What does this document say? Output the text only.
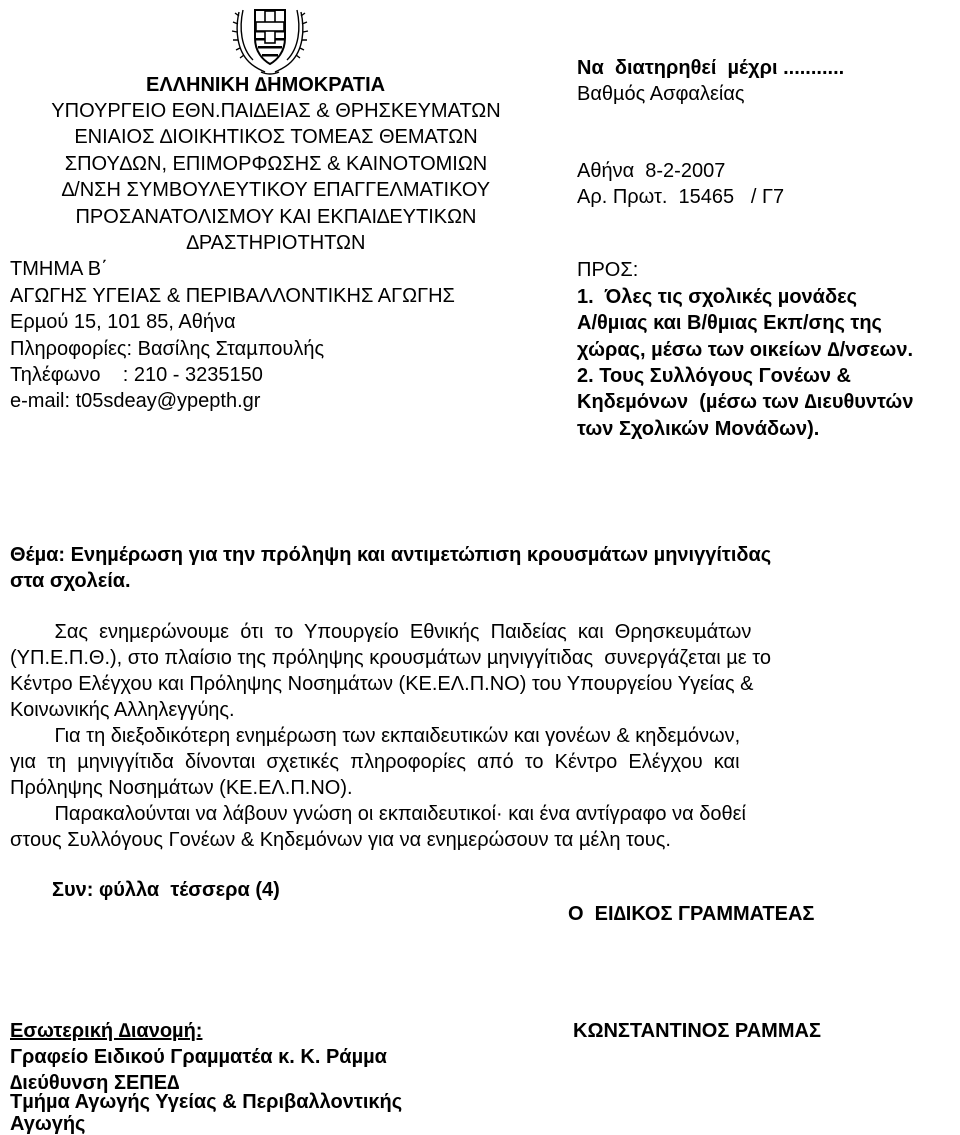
ΕΛΛΗΝΙΚΗ ∆ΗΜΟΚΡΑΤΙΑ
ΥΠΟΥΡΓΕΙΟ ΕΘΝ.ΠΑΙ∆ΕΙΑΣ & ΘΡΗΣΚΕΥΜΑΤΩΝ
ΕΝΙΑΙΟΣ ∆ΙΟΙΚΗΤΙΚΟΣ ΤΟΜΕΑΣ ΘΕΜΑΤΩΝ
ΣΠΟΥ∆ΩΝ, ΕΠΙΜΟΡΦΩΣΗΣ & ΚΑΙΝΟΤΟΜΙΩΝ
∆/ΝΣΗ ΣΥΜΒΟΥΛΕΥΤΙΚΟΥ ΕΠΑΓΓΕΛΜΑΤΙΚΟΥ
ΠΡΟΣΑΝΑΤΟΛΙΣΜΟΥ ΚΑΙ ΕΚΠΑΙ∆ΕΥΤΙΚΩΝ
∆ΡΑΣΤΗΡΙΟΤΗΤΩΝ
ΤΜΗΜΑ Β΄
ΑΓΩΓΗΣ ΥΓΕΙΑΣ & ΠΕΡΙΒΑΛΛΟΝΤΙΚΗΣ ΑΓΩΓΗΣ
Ερµού 15, 101 85, Αθήνα
Πληροφορίες: Βασίλης Σταµπουλής
Τηλέφωνο    : 210 - 3235150
e-mail: t05sdeay@ypepth.gr
Να  διατηρηθεί  µέχρι ...........
Βαθµός Ασφαλείας
Αθήνα  8-2-2007
Αρ. Πρωτ.  15465   / Γ7
ΠΡΟΣ:
1.  Όλες τις σχολικές µονάδες
Α/θµιας και Β/θµιας Εκπ/σης της
χώρας, µέσω των οικείων ∆/νσεων.
2. Τους Συλλόγους Γονέων &
Κηδεµόνων  (µέσω των ∆ιευθυντών
των Σχολικών Μονάδων).
Θέµα: Ενηµέρωση για την πρόληψη και αντιµετώπιση κρουσµάτων µηνιγγίτιδας
στα σχολεία.
Σας  ενηµερώνουµε  ότι  το  Υπουργείο  Εθνικής  Παιδείας  και  Θρησκευµάτων
(ΥΠ.Ε.Π.Θ.), στο πλαίσιο της πρόληψης κρουσµάτων µηνιγγίτιδας  συνεργάζεται µε το
Κέντρο Ελέγχου και Πρόληψης Νοσηµάτων (ΚΕ.ΕΛ.Π.ΝΟ) του Υπουργείου Υγείας &
Κοινωνικής Αλληλεγγύης.
Για τη διεξοδικότερη ενηµέρωση των εκπαιδευτικών και γονέων & κηδεµόνων,
για  τη  µηνιγγίτιδα  δίνονται  σχετικές  πληροφορίες  από  το  Κέντρο  Ελέγχου  και
Πρόληψης Νοσηµάτων (ΚΕ.ΕΛ.Π.ΝΟ).
Παρακαλούνται να λάβουν γνώση οι εκπαιδευτικοί· και ένα αντίγραφο να δοθεί
στους Συλλόγους Γονέων & Κηδεµόνων για να ενηµερώσουν τα µέλη τους.
Συν: φύλλα  τέσσερα (4)
Ο  ΕΙ∆ΙΚΟΣ ΓΡΑΜΜΑΤΕΑΣ
ΚΩΝΣΤΑΝΤΙΝΟΣ ΡΑΜΜΑΣ
Εσωτερική ∆ιανοµή:
Γραφείο Ειδικού Γραµµατέα κ. Κ. Ράµµα
∆ιεύθυνση ΣΕΠΕ∆
Τµήµα Αγωγής Υγείας & Περιβαλλοντικής
Αγωγής
